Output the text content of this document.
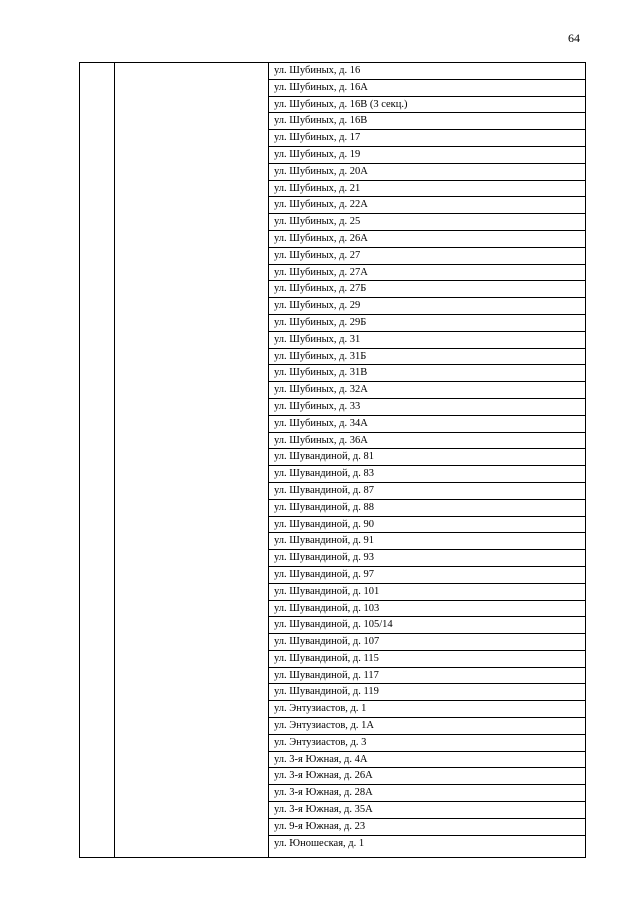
64
ул. Шубиных, д. 16
ул. Шубиных, д. 16А
ул. Шубиных, д. 16В (3 секц.)
ул. Шубиных, д. 16В
ул. Шубиных, д. 17
ул. Шубиных, д. 19
ул. Шубиных, д. 20А
ул. Шубиных, д. 21
ул. Шубиных, д. 22А
ул. Шубиных, д. 25
ул. Шубиных, д. 26А
ул. Шубиных, д. 27
ул. Шубиных, д. 27А
ул. Шубиных, д. 27Б
ул. Шубиных, д. 29
ул. Шубиных, д. 29Б
ул. Шубиных, д. 31
ул. Шубиных, д. 31Б
ул. Шубиных, д. 31В
ул. Шубиных, д. 32А
ул. Шубиных, д. 33
ул. Шубиных, д. 34А
ул. Шубиных, д. 36А
ул. Шувандиной, д. 81
ул. Шувандиной, д. 83
ул. Шувандиной, д. 87
ул. Шувандиной, д. 88
ул. Шувандиной, д. 90
ул. Шувандиной, д. 91
ул. Шувандиной, д. 93
ул. Шувандиной, д. 97
ул. Шувандиной, д. 101
ул. Шувандиной, д. 103
ул. Шувандиной, д. 105/14
ул. Шувандиной, д. 107
ул. Шувандиной, д. 115
ул. Шувандиной, д. 117
ул. Шувандиной, д. 119
ул. Энтузиастов, д. 1
ул. Энтузиастов, д. 1А
ул. Энтузиастов, д. 3
ул. 3-я Южная, д. 4А
ул. 3-я Южная, д. 26А
ул. 3-я Южная, д. 28А
ул. 3-я Южная, д. 35А
ул. 9-я Южная, д. 23
ул. Юношеская, д. 1
